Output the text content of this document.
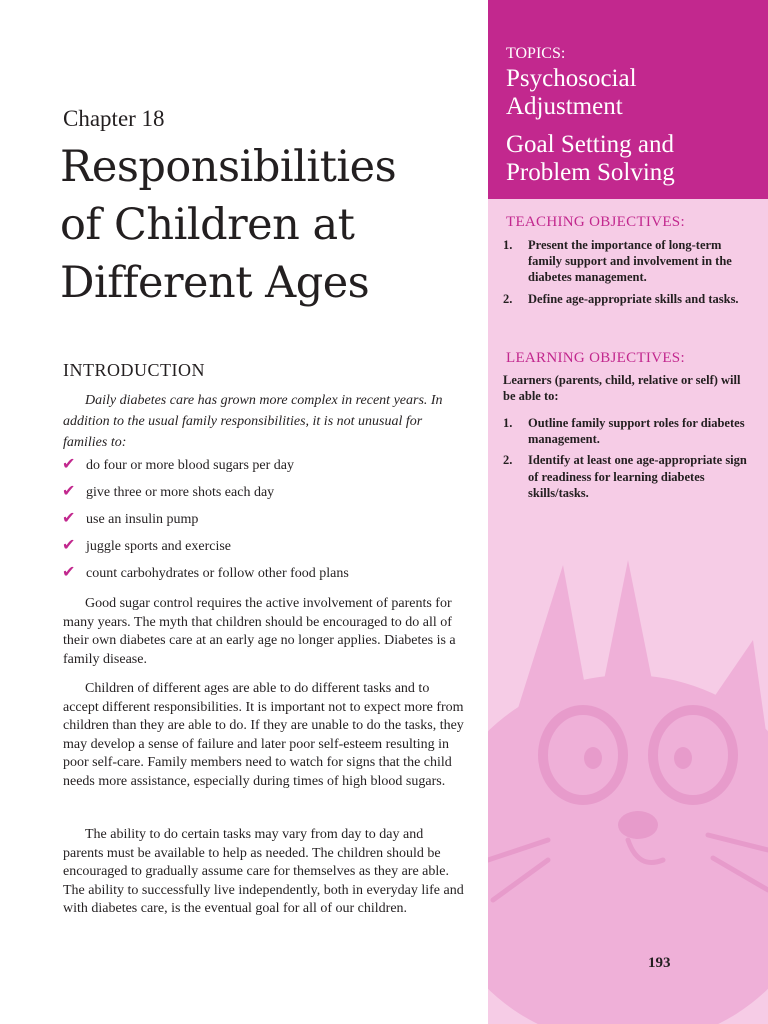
Chapter 18
Responsibilities
of Children at
Different Ages
INTRODUCTION

Daily diabetes care has grown more complex in recent years. In addition to the usual family responsibilities, it is not unusual for families to:

✔ do four or more blood sugars per day
✔ give three or more shots each day
✔ use an insulin pump
✔ juggle sports and exercise
✔ count carbohydrates or follow other food plans

Good sugar control requires the active involvement of parents for many years. The myth that children should be encouraged to do all of their own diabetes care at an early age no longer applies. Diabetes is a family disease.

Children of different ages are able to do different tasks and to accept different responsibilities. It is important not to expect more from children than they are able to do. If they are unable to do the tasks, they may develop a sense of failure and later poor self-esteem resulting in poor self-care. Family members need to watch for signs that the child needs more assistance, especially during times of high blood sugars.

The ability to do certain tasks may vary from day to day and parents must be available to help as needed. The children should be encouraged to gradually assume care for themselves as they are able. The ability to successfully live independently, both in everyday life and with diabetes care, is the eventual goal for all of our children.

TOPICS:

Psychosocial Adjustment

Goal Setting and Problem Solving

TEACHING OBJECTIVES:
1. Present the importance of long-term family support and involvement in the diabetes management.
2. Define age-appropriate skills and tasks.
LEARNING OBJECTIVES:

Learners (parents, child, relative or self) will be able to:

1. Outline family support roles for diabetes management.
2. Identify at least one age-appropriate sign of readiness for learning diabetes skills/tasks.

193
